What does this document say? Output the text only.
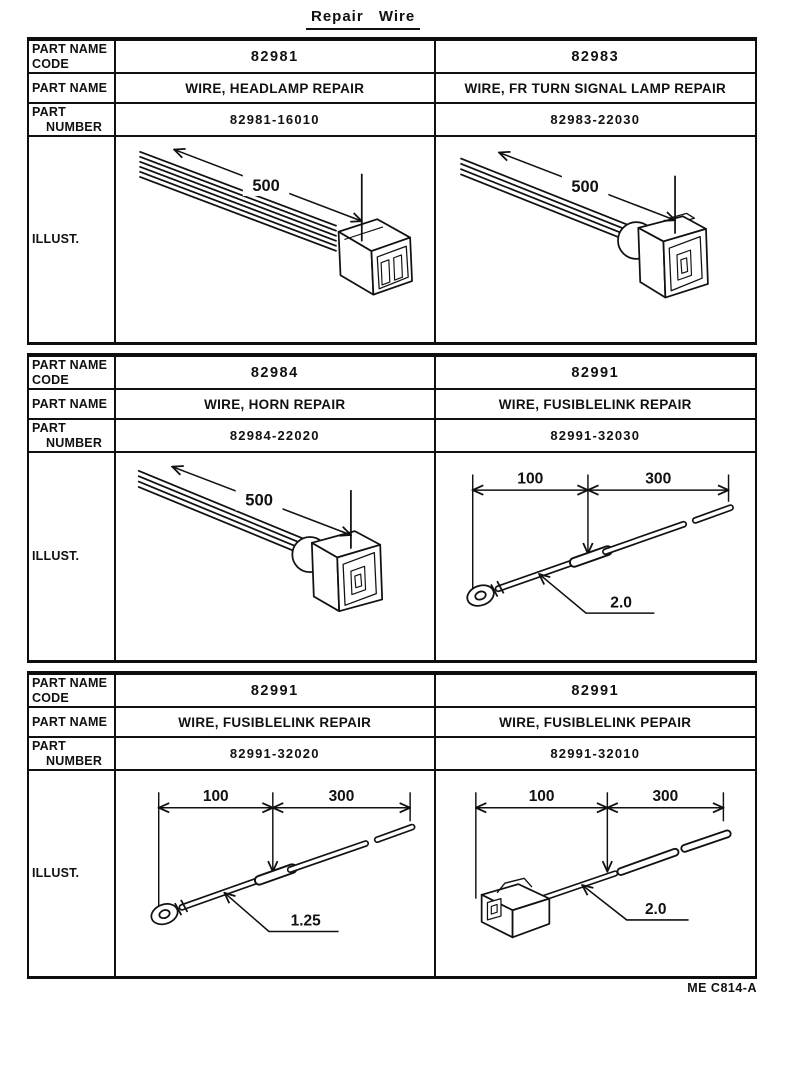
Repair Wire
PART NAME
CODE	82981	82983
PART NAME	WIRE, HEADLAMP REPAIR	WIRE, FR TURN SIGNAL LAMP REPAIR
PART
NUMBER	82981-16010	82983-22030
ILLUST.
500	500
PART NAME
CODE	82984	82991
PART NAME	WIRE, HORN REPAIR	WIRE, FUSIBLELINK REPAIR
PART
NUMBER	82984-22020	82991-32030
ILLUST.
500
100	300
2.0
PART NAME
CODE	82991	82991
PART NAME	WIRE, FUSIBLELINK REPAIR	WIRE, FUSIBLELINK PEPAIR
PART
NUMBER	82991-32020	82991-32010
ILLUST.
100	300
1.25
100	300
2.0
ME C814-A
